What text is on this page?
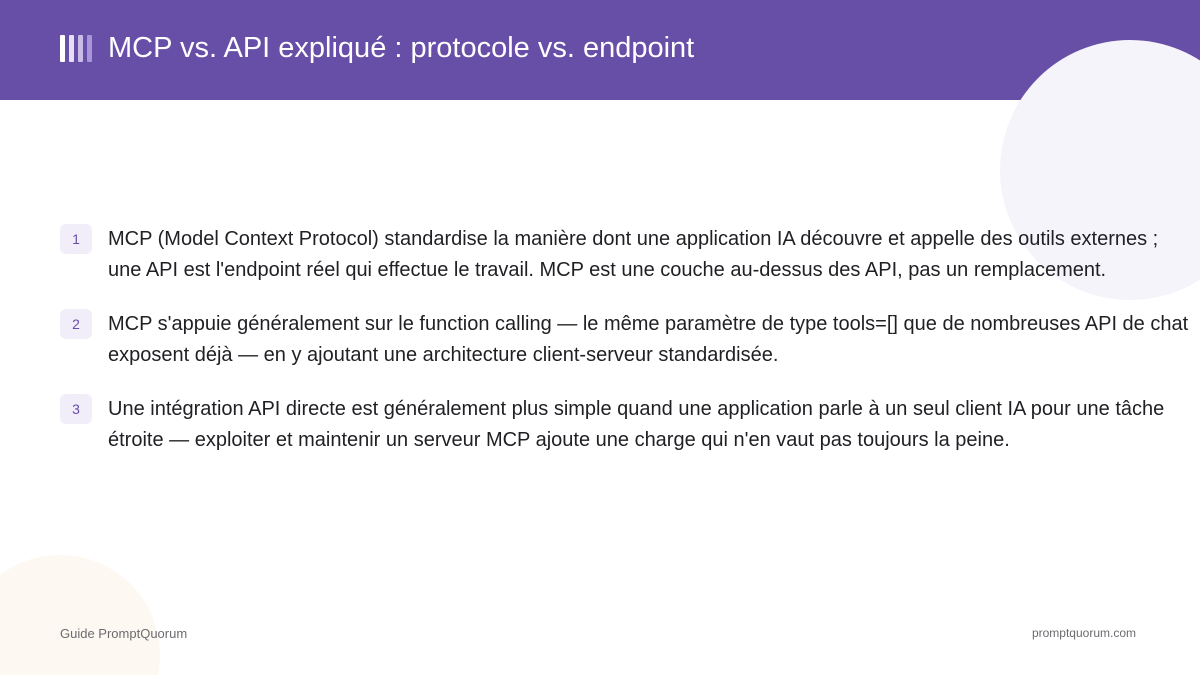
MCP vs. API expliqué : protocole vs. endpoint
1	MCP (Model Context Protocol) standardise la manière dont une application IA découvre et appelle des outils externes ; une API est l'endpoint réel qui effectue le travail. MCP est une couche au-dessus des API, pas un remplacement.

2	MCP s'appuie généralement sur le function calling — le même paramètre de type tools=[] que de nombreuses API de chat exposent déjà — en y ajoutant une architecture client-serveur standardisée.

3	Une intégration API directe est généralement plus simple quand une application parle à un seul client IA pour une tâche étroite — exploiter et maintenir un serveur MCP ajoute une charge qui n'en vaut pas toujours la peine.

Guide PromptQuorum	promptquorum.com
